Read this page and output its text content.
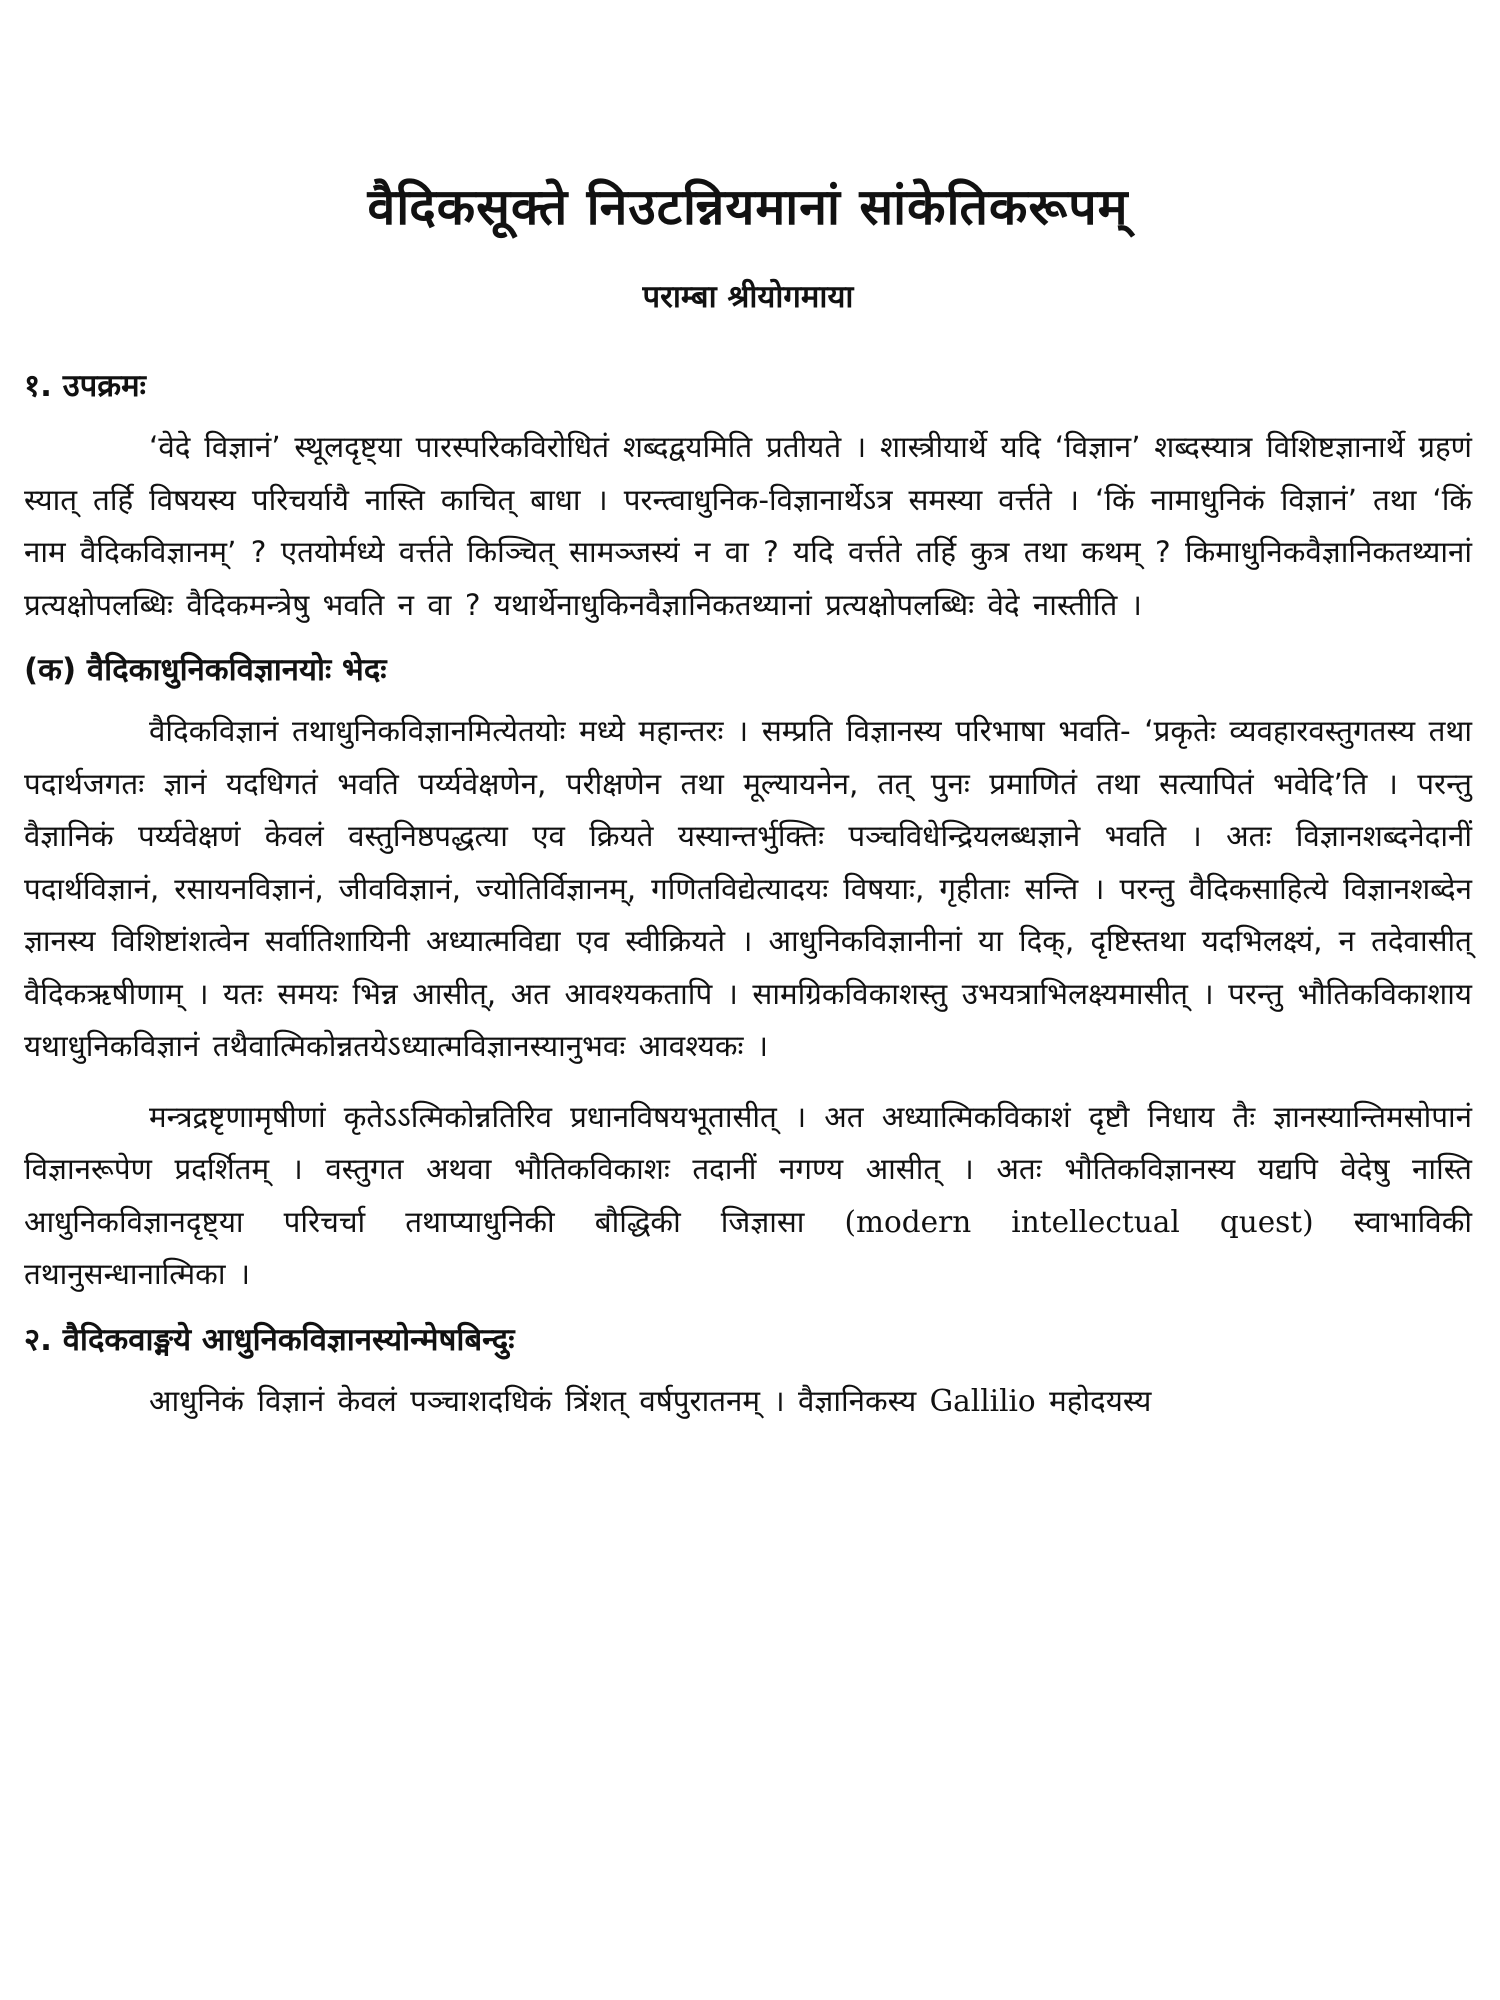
वैदिकसूक्ते निउटन्नियमानां सांकेतिकरूपम्
पराम्बा श्रीयोगमाया
१. उपक्रमः

‘वेदे विज्ञानं’ स्थूलदृष्ट्या पारस्परिकविरोधितं शब्दद्वयमिति प्रतीयते । शास्त्रीयार्थे यदि ‘विज्ञान’ शब्दस्यात्र विशिष्टज्ञानार्थे ग्रहणं स्यात् तर्हि विषयस्य परिचर्यायै नास्ति काचित् बाधा । परन्त्वाधुनिक-विज्ञानार्थेऽत्र समस्या वर्त्तते । ‘किं नामाधुनिकं विज्ञानं’ तथा ‘किं नाम वैदिकविज्ञानम्’ ? एतयोर्मध्ये वर्त्तते किञ्चित् सामञ्जस्यं न वा ? यदि वर्त्तते तर्हि कुत्र तथा कथम् ? किमाधुनिकवैज्ञानिकतथ्यानां प्रत्यक्षोपलब्धिः वैदिकमन्त्रेषु भवति न वा ? यथार्थेनाधुकिनवैज्ञानिकतथ्यानां प्रत्यक्षोपलब्धिः वेदे नास्तीति ।

(क) वैदिकाधुनिकविज्ञानयोः भेदः

वैदिकविज्ञानं तथाधुनिकविज्ञानमित्येतयोः मध्ये महान्तरः । सम्प्रति विज्ञानस्य परिभाषा भवति- ‘प्रकृतेः व्यवहारवस्तुगतस्य तथा पदार्थजगतः ज्ञानं यदधिगतं भवति पर्य्यवेक्षणेन, परीक्षणेन तथा मूल्यायनेन, तत् पुनः प्रमाणितं तथा सत्यापितं भवेदि’ति । परन्तु वैज्ञानिकं पर्य्यवेक्षणं केवलं वस्तुनिष्ठपद्धत्या एव क्रियते यस्यान्तर्भुक्तिः पञ्चविधेन्द्रियलब्धज्ञाने भवति । अतः विज्ञानशब्दनेदानीं पदार्थविज्ञानं, रसायनविज्ञानं, जीवविज्ञानं, ज्योतिर्विज्ञानम्, गणितविद्येत्यादयः विषयाः, गृहीताः सन्ति । परन्तु वैदिकसाहित्ये विज्ञानशब्देन ज्ञानस्य विशिष्टांशत्वेन सर्वातिशायिनी अध्यात्मविद्या एव स्वीक्रियते । आधुनिकविज्ञानीनां या दिक्, दृष्टिस्तथा यदभिलक्ष्यं, न तदेवासीत् वैदिकऋषीणाम् । यतः समयः भिन्न आसीत्, अत आवश्यकतापि । सामग्रिकविकाशस्तु उभयत्राभिलक्ष्यमासीत् । परन्तु भौतिकविकाशाय यथाधुनिकविज्ञानं तथैवात्मिकोन्नतयेऽध्यात्मविज्ञानस्यानुभवः आवश्यकः ।

मन्त्रद्रष्टृणामृषीणां कृतेऽऽत्मिकोन्नतिरिव प्रधानविषयभूतासीत् । अत अध्यात्मिकविकाशं दृष्टौ निधाय तैः ज्ञानस्यान्तिमसोपानं विज्ञानरूपेण प्रदर्शितम् । वस्तुगत अथवा भौतिकविकाशः तदानीं नगण्य आसीत् । अतः भौतिकविज्ञानस्य यद्यपि वेदेषु नास्ति आधुनिकविज्ञानदृष्ट्या परिचर्चा तथाप्याधुनिकी बौद्धिकी जिज्ञासा (modern intellectual quest) स्वाभाविकी तथानुसन्धानात्मिका ।

२. वैदिकवाङ्मये आधुनिकविज्ञानस्योन्मेषबिन्दुः

आधुनिकं विज्ञानं केवलं पञ्चाशदधिकं त्रिंशत् वर्षपुरातनम् । वैज्ञानिकस्य Gallilio महोदयस्य
